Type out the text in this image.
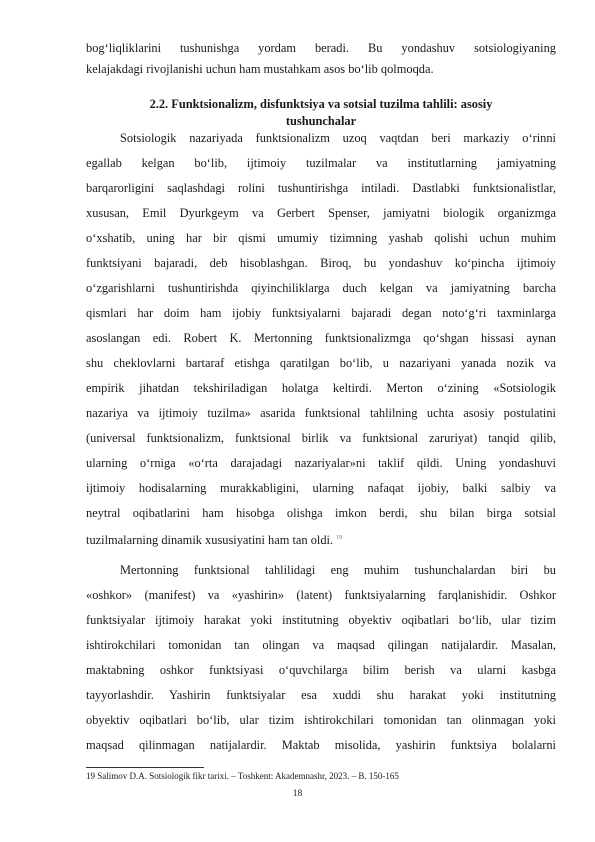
bog‘liqliklarini tushunishga yordam beradi. Bu yondashuv sotsiologiyaning
kelajakdagi rivojlanishi uchun ham mustahkam asos bo‘lib qolmoqda.
2.2. Funktsionalizm, disfunktsiya va sotsial tuzilma tahlili: asosiy
tushunchalar
Sotsiologik nazariyada funktsionalizm uzoq vaqtdan beri markaziy o‘rinni
egallab kelgan bo‘lib, ijtimoiy tuzilmalar va institutlarning jamiyatning
barqarorligini saqlashdagi rolini tushuntirishga intiladi. Dastlabki funktsionalistlar,
xususan, Emil Dyurkgeym va Gerbert Spenser, jamiyatni biologik organizmga
o‘xshatib, uning har bir qismi umumiy tizimning yashab qolishi uchun muhim
funktsiyani bajaradi, deb hisoblashgan. Biroq, bu yondashuv ko‘pincha ijtimoiy
o‘zgarishlarni tushuntirishda qiyinchiliklarga duch kelgan va jamiyatning barcha
qismlari har doim ham ijobiy funktsiyalarni bajaradi degan noto‘g‘ri taxminlarga
asoslangan edi. Robert K. Mertonning funktsionalizmga qo‘shgan hissasi aynan
shu cheklovlarni bartaraf etishga qaratilgan bo‘lib, u nazariyani yanada nozik va
empirik jihatdan tekshiriladigan holatga keltirdi. Merton o‘zining «Sotsiologik
nazariya va ijtimoiy tuzilma» asarida funktsional tahlilning uchta asosiy postulatini
(universal funktsionalizm, funktsional birlik va funktsional zaruriyat) tanqid qilib,
ularning o‘rniga «o‘rta darajadagi nazariyalar»ni taklif qildi. Uning yondashuvi
ijtimoiy hodisalarning murakkabligini, ularning nafaqat ijobiy, balki salbiy va
neytral oqibatlarini ham hisobga olishga imkon berdi, shu bilan birga sotsial
tuzilmalarning dinamik xususiyatini ham tan oldi. $^{19}$
Mertonning funktsional tahlilidagi eng muhim tushunchalardan biri bu
«oshkor» (manifest) va «yashirin» (latent) funktsiyalarning farqlanishidir. Oshkor
funktsiyalar ijtimoiy harakat yoki institutning obyektiv oqibatlari bo‘lib, ular tizim
ishtirokchilari tomonidan tan olingan va maqsad qilingan natijalardir. Masalan,
maktabning oshkor funktsiyasi o‘quvchilarga bilim berish va ularni kasbga
tayyorlashdir. Yashirin funktsiyalar esa xuddi shu harakat yoki institutning
obyektiv oqibatlari bo‘lib, ular tizim ishtirokchilari tomonidan tan olinmagan yoki
maqsad qilinmagan natijalardir. Maktab misolida, yashirin funktsiya bolalarni
19 Salimov D.A. Sotsiologik fikr tarixi. – Toshkent: Akademnashr, 2023. – B. 150-165
18
